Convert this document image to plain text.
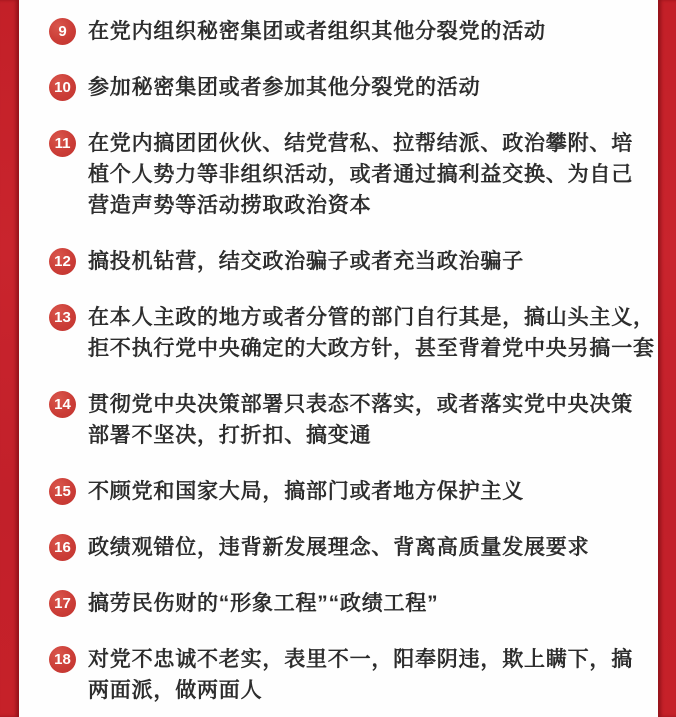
9	在党内组织秘密集团或者组织其他分裂党的活动
10 参加秘密集团或者参加其他分裂党的活动
11 在党内搞团团伙伙、结党营私、拉帮结派、政治攀附、培
植个人势力等非组织活动，或者通过搞利益交换、为自己
营造声势等活动捞取政治资本
12 搞投机钻营，结交政治骗子或者充当政治骗子
13 在本人主政的地方或者分管的部门自行其是，搞山头主义，
拒不执行党中央确定的大政方针，甚至背着党中央另搞一套
14 贯彻党中央决策部署只表态不落实，或者落实党中央决策
部署不坚决，打折扣、搞变通
15 不顾党和国家大局，搞部门或者地方保护主义
16 政绩观错位，违背新发展理念、背离高质量发展要求
17 搞劳民伤财的“形象工程”“政绩工程”
18 对党不忠诚不老实，表里不一，阳奉阴违，欺上瞒下，搞
两面派，做两面人
